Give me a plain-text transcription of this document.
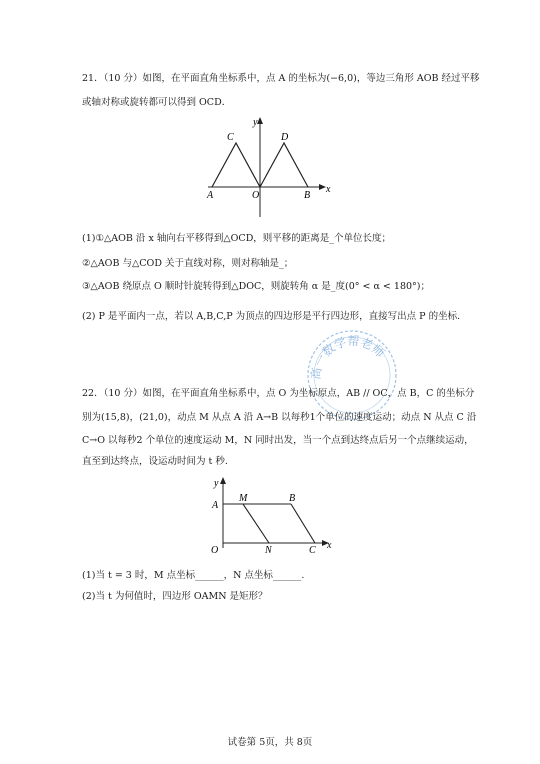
21．（10 分）如图，在平面直角坐标系中，点 A 的坐标为(−6,0)，等边三角形 AOB 经过平移
或轴对称或旋转都可以得到 OCD．
y
x
C	D
A	O	B
(1)①△AOB 沿 x 轴向右平移得到△OCD，则平移的距离是_个单位长度；
②△AOB 与△COD 关于直线对称，则对称轴是_；
③△AOB 绕原点 O 顺时针旋转得到△DOC，则旋转角 α 是_度(0° < α < 180°)；
(2) P 是平面内一点，若以 A,B,C,P 为顶点的四边形是平行四边形，直接写出点 P 的坐标.
高一数学帮老师
22．（10 分）如图，在平面直角坐标系中，点 O 为坐标原点，AB // OC，点 B，C 的坐标分
别为(15,8)，(21,0)，动点 M 从点 A 沿 A→B 以每秒1个单位的速度运动；动点 N 从点 C 沿
C→O 以每秒2 个单位的速度运动 M，N 同时出发，当一个点到达终点后另一个点继续运动，
直至到达终点，设运动时间为 t 秒.
y
M	B
A
O	N	C x
(1)当 t = 3 时，M 点坐标______，N 点坐标______.
(2)当 t 为何值时，四边形 OAMN 是矩形？
试卷第 5页，共 8页
